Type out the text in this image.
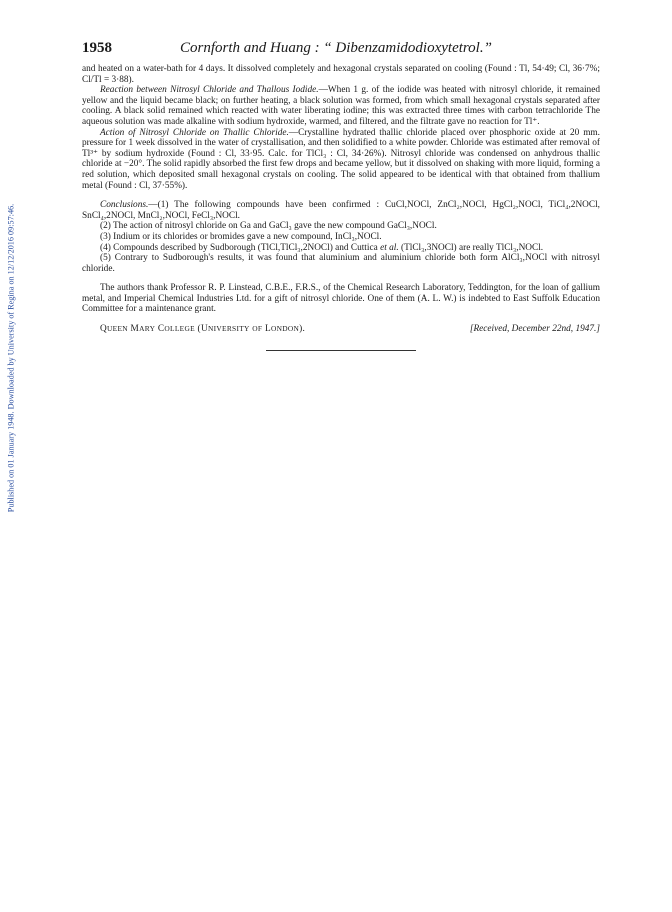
Published on 01 January 1948. Downloaded by University of Regina on 12/12/2016 09:57:46.
1958	Cornforth and Huang : “ Dibenzamidodioxytetrol.”

and heated on a water-bath for 4 days. It dissolved completely and hexagonal crystals separated on cooling (Found : Tl, 54·49; Cl, 36·7%; Cl/Tl = 3·88).

Reaction between Nitrosyl Chloride and Thallous Iodide.—When 1 g. of the iodide was heated with nitrosyl chloride, it remained yellow and the liquid became black; on further heating, a black solution was formed, from which small hexagonal crystals separated after cooling. A black solid remained which reacted with water liberating iodine; this was extracted three times with carbon tetrachloride The aqueous solution was made alkaline with sodium hydroxide, warmed, and filtered, and the filtrate gave no reaction for Tl⁺.

Action of Nitrosyl Chloride on Thallic Chloride.—Crystalline hydrated thallic chloride placed over phosphoric oxide at 20 mm. pressure for 1 week dissolved in the water of crystallisation, and then solidified to a white powder. Chloride was estimated after removal of Tl³⁺ by sodium hydroxide (Found : Cl, 33·95. Calc. for TlCl₃ : Cl, 34·26%). Nitrosyl chloride was condensed on anhydrous thallic chloride at −20°. The solid rapidly absorbed the first few drops and became yellow, but it dissolved on shaking with more liquid, forming a red solution, which deposited small hexagonal crystals on cooling. The solid appeared to be identical with that obtained from thallium metal (Found : Cl, 37·55%).

Conclusions.—(1) The following compounds have been confirmed : CuCl,NOCl, ZnCl₂,NOCl, HgCl₂,NOCl, TiCl₄,2NOCl, SnCl₄,2NOCl, MnCl₂,NOCl, FeCl₃,NOCl.

(2) The action of nitrosyl chloride on Ga and GaCl₃ gave the new compound GaCl₃,NOCl.

(3) Indium or its chlorides or bromides gave a new compound, InCl₃,NOCl.

(4) Compounds described by Sudborough (TlCl,TlCl₃,2NOCl) and Cuttica et al. (TlCl₃,3NOCl) are really TlCl₃,NOCl.

(5) Contrary to Sudborough's results, it was found that aluminium and aluminium chloride both form AlCl₃,NOCl with nitrosyl chloride.

The authors thank Professor R. P. Linstead, C.B.E., F.R.S., of the Chemical Research Laboratory, Teddington, for the loan of gallium metal, and Imperial Chemical Industries Ltd. for a gift of nitrosyl chloride. One of them (A. L. W.) is indebted to East Suffolk Education Committee for a maintenance grant.

QUEEN MARY COLLEGE (UNIVERSITY OF LONDON).	[Received, December 22nd, 1947.]
